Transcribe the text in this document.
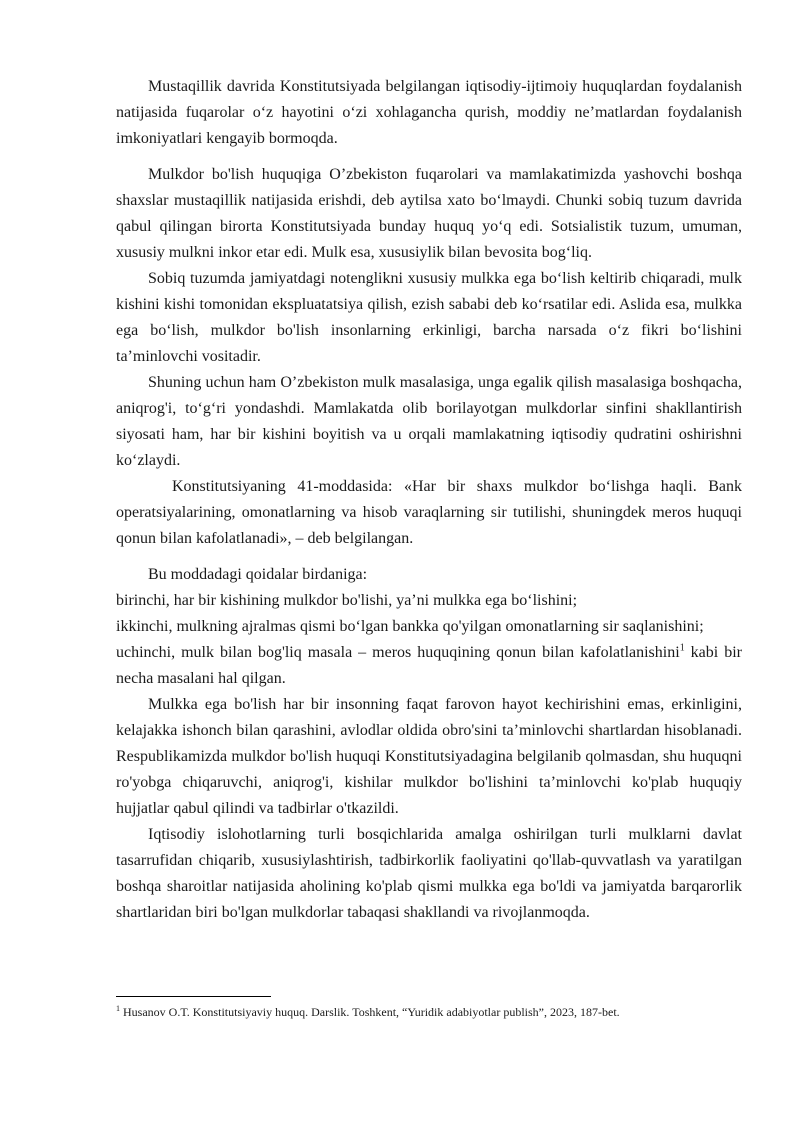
Mustaqillik davrida Konstitutsiyada belgilangan iqtisodiy-ijtimoiy huquqlardan foydalanish natijasida fuqarolar o‘z hayotini o‘zi xohlagancha qurish, moddiy ne’matlardan foydalanish imkoniyatlari kengayib bormoqda.

Mulkdor bo'lish huquqiga O’zbekiston fuqarolari va mamlakatimizda yashovchi boshqa shaxslar mustaqillik natijasida erishdi, deb aytilsa xato bo‘lmaydi. Chunki sobiq tuzum davrida qabul qilingan birorta Konstitutsiyada bunday huquq yo‘q edi. Sotsialistik tuzum, umuman, xususiy mulkni inkor etar edi. Mulk esa, xususiylik bilan bevosita bog‘liq.

Sobiq tuzumda jamiyatdagi notenglikni xususiy mulkka ega bo‘lish keltirib chiqaradi, mulk kishini kishi tomonidan ekspluatatsiya qilish, ezish sababi deb ko‘rsatilar edi. Aslida esa, mulkka ega bo‘lish, mulkdor bo'lish insonlarning erkinligi, barcha narsada o‘z fikri bo‘lishini ta’minlovchi vositadir.

Shuning uchun ham O’zbekiston mulk masalasiga, unga egalik qilish masalasiga boshqacha, aniqrog'i, to‘g‘ri yondashdi. Mamlakatda olib borilayotgan mulkdorlar sinfini shakllantirish siyosati ham, har bir kishini boyitish va u orqali mamlakatning iqtisodiy qudratini oshirishni ko‘zlaydi.

Konstitutsiyaning 41-moddasida: «Har bir shaxs mulkdor bo‘lishga haqli. Bank operatsiyalarining, omonatlarning va hisob varaqlarning sir tutilishi, shuningdek meros huquqi qonun bilan kafolatlanadi», – deb belgilangan.

Bu moddadagi qoidalar birdaniga:

birinchi, har bir kishining mulkdor bo'lishi, ya’ni mulkka ega bo‘lishini;

ikkinchi, mulkning ajralmas qismi bo‘lgan bankka qo'yilgan omonatlarning sir saqlanishini;

uchinchi, mulk bilan bog'liq masala – meros huquqining qonun bilan kafolatlanishini$^1$ kabi bir necha masalani hal qilgan.

Mulkka ega bo'lish har bir insonning faqat farovon hayot kechirishini emas, erkinligini, kelajakka ishonch bilan qarashini, avlodlar oldida obro'sini ta’minlovchi shartlardan hisoblanadi. Respublikamizda mulkdor bo'lish huquqi Konstitutsiyadagina belgilanib qolmasdan, shu huquqni ro'yobga chiqaruvchi, aniqrog'i, kishilar mulkdor bo'lishini ta’minlovchi ko'plab huquqiy hujjatlar qabul qilindi va tadbirlar o'tkazildi.

Iqtisodiy islohotlarning turli bosqichlarida amalga oshirilgan turli mulklarni davlat tasarrufidan chiqarib, xususiylashtirish, tadbirkorlik faoliyatini qo'llab-quvvatlash va yaratilgan boshqa sharoitlar natijasida aholining ko'plab qismi mulkka ega bo'ldi va jamiyatda barqarorlik shartlaridan biri bo'lgan mulkdorlar tabaqasi shakllandi va rivojlanmoqda.

$^1$ Husanov O.T. Konstitutsiyaviy huquq. Darslik. Toshkent, “Yuridik adabiyotlar publish”, 2023, 187-bet.
